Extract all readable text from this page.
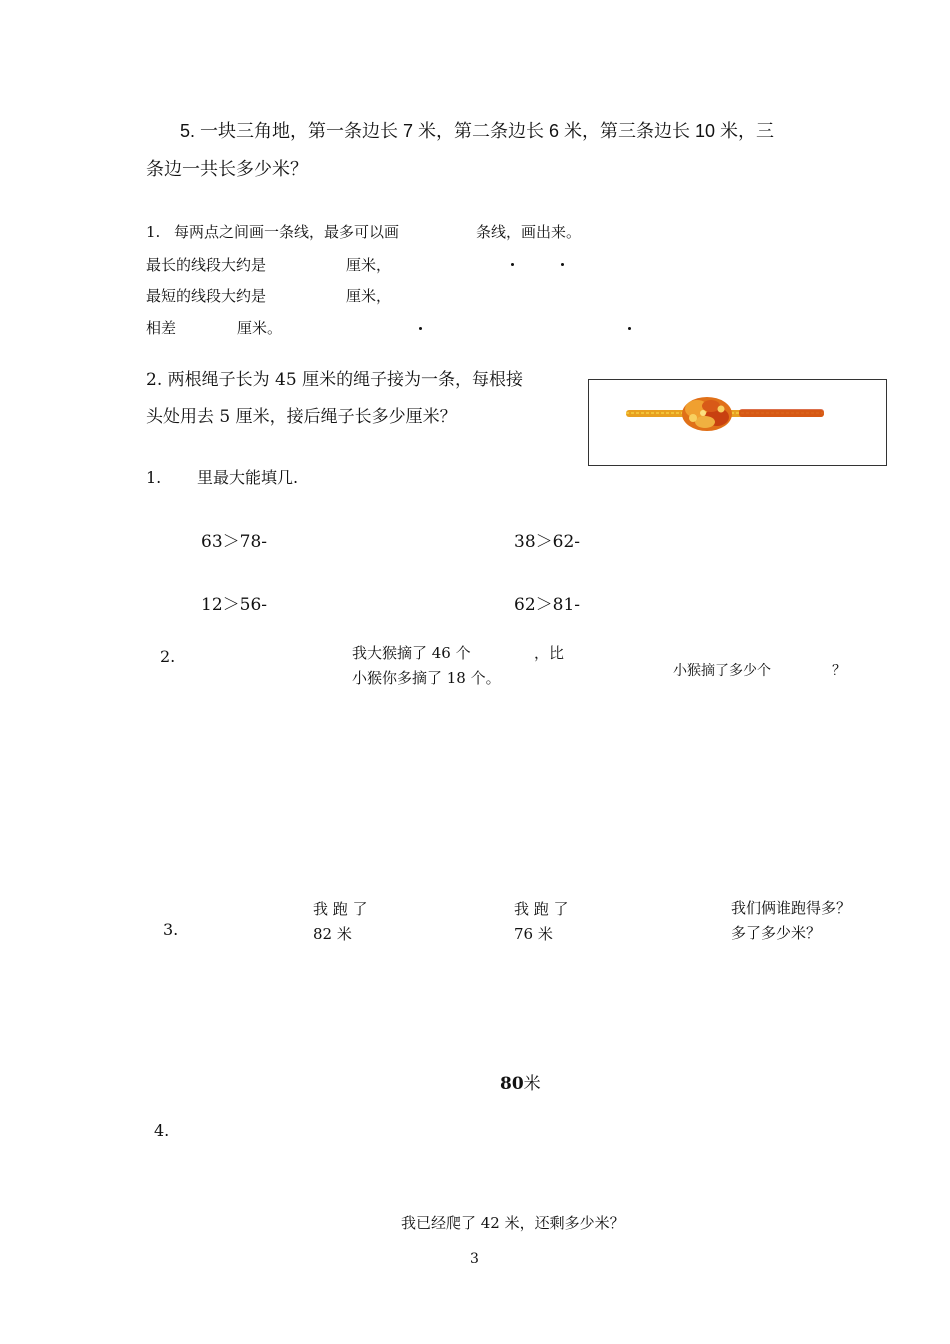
5. 一块三角地，第一条边长 7 米，第二条边长 6 米，第三条边长 10 米，三
条边一共长多少米？
1. 每两点之间画一条线，最多可以画	条线，画出来。
最长的线段大约是	厘米，
最短的线段大约是	厘米，
相差	厘米。
2. 两根绳子长为 45 厘米的绳子接为一条，每根接
头处用去 5 厘米，接后绳子长多少厘米？
1. 里最大能填几.
63＞78-	38＞62-
12＞56-	62＞81-
2.	我大猴摘了 46 个	，比
小猴你多摘了 18 个。	小猴摘了多少个	？
3.
我 跑 了
82 米
我 跑 了
76 米
我们俩谁跑得多？
多了多少米？
80米
4.
我已经爬了 42 米，还剩多少米？
3
